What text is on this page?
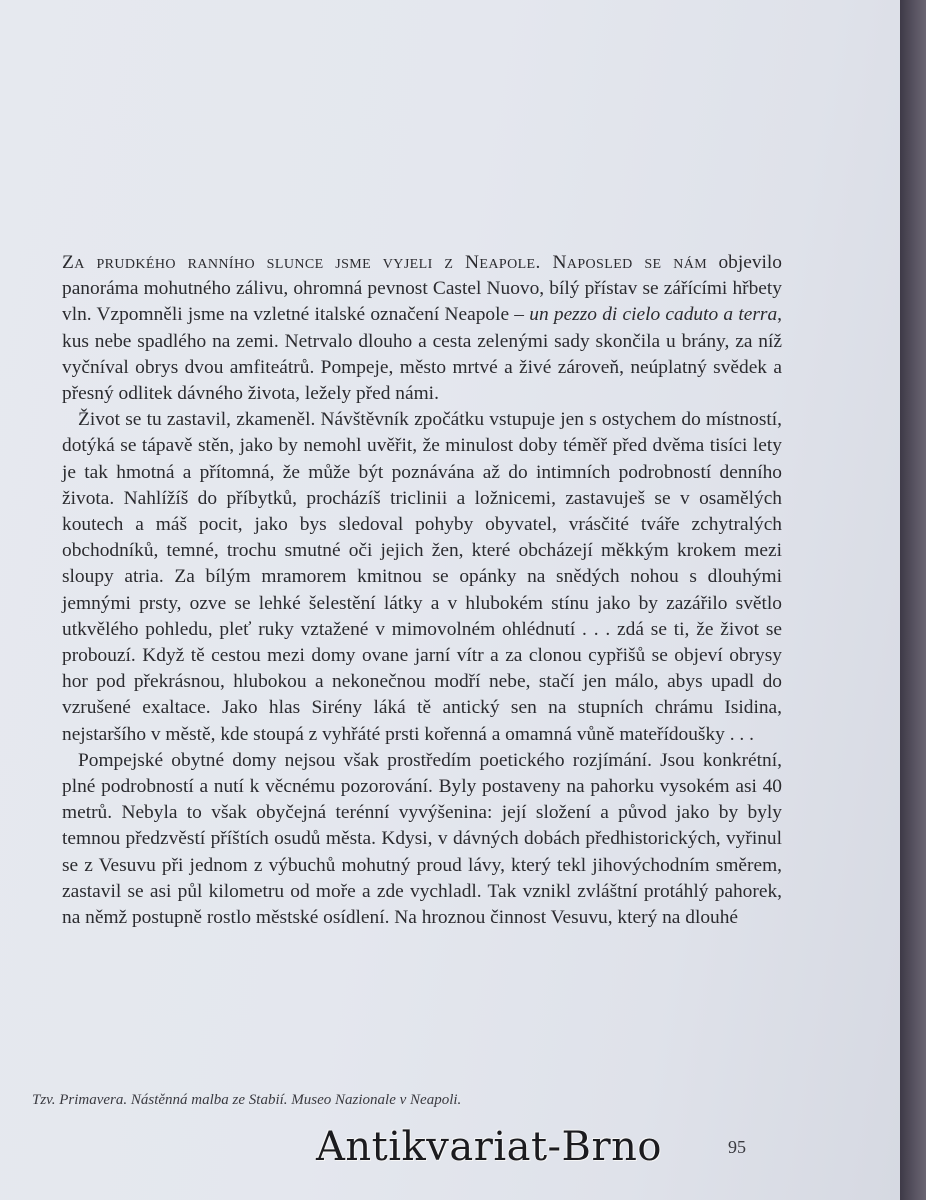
Za prudkého ranního slunce jsme vyjeli z Neapole. Naposled se nám objevilo panoráma mohutného zálivu, ohromná pevnost Castel Nuovo, bílý přístav se zářícími hřbety vln. Vzpomněli jsme na vzletné italské označení Neapole – un pezzo di cielo caduto a terra, kus nebe spadlého na zemi. Netrvalo dlouho a cesta zelenými sady skončila u brány, za níž vyčníval obrys dvou amfiteátrů. Pompeje, město mrtvé a živé zároveň, neúplatný svědek a přesný odlitek dávného života, ležely před námi.

Život se tu zastavil, zkameněl. Návštěvník zpočátku vstupuje jen s ostychem do místností, dotýká se tápavě stěn, jako by nemohl uvěřit, že minulost doby téměř před dvěma tisíci lety je tak hmotná a přítomná, že může být poznávána až do intimních podrobností denního života. Nahlížíš do příbytků, procházíš triclinii a ložnicemi, zastavuješ se v osamělých koutech a máš pocit, jako bys sledoval pohyby obyvatel, vrásčité tváře zchytralých obchodníků, temné, trochu smutné oči jejich žen, které obcházejí měkkým krokem mezi sloupy atria. Za bílým mramorem kmitnou se opánky na snědých nohou s dlouhými jemnými prsty, ozve se lehké šelestění látky a v hlubokém stínu jako by zazářilo světlo utkvělého pohledu, pleť ruky vztažené v mimovolném ohlédnutí . . . zdá se ti, že život se probouzí. Když tě cestou mezi domy ovane jarní vítr a za clonou cypřišů se objeví obrysy hor pod překrásnou, hlubokou a nekonečnou modří nebe, stačí jen málo, abys upadl do vzrušené exaltace. Jako hlas Sirény láká tě antický sen na stupních chrámu Isidina, nejstaršího v městě, kde stoupá z vyhřáté prsti kořenná a omamná vůně mateřídoušky . . .

Pompejské obytné domy nejsou však prostředím poetického rozjímání. Jsou konkrétní, plné podrobností a nutí k věcnému pozorování. Byly postaveny na pahorku vysokém asi 40 metrů. Nebyla to však obyčejná terénní vyvýšenina: její složení a původ jako by byly temnou předzvěstí příštích osudů města. Kdysi, v dávných dobách předhistorických, vyřinul se z Vesuvu při jednom z výbuchů mohutný proud lávy, který tekl jihovýchodním směrem, zastavil se asi půl kilometru od moře a zde vychladl. Tak vznikl zvláštní protáhlý pahorek, na němž postupně rostlo městské osídlení. Na hroznou činnost Vesuvu, který na dlouhé

Tzv. Primavera. Nástěnná malba ze Stabií. Museo Nazionale v Neapoli.
Antikvariat-Brno	95
